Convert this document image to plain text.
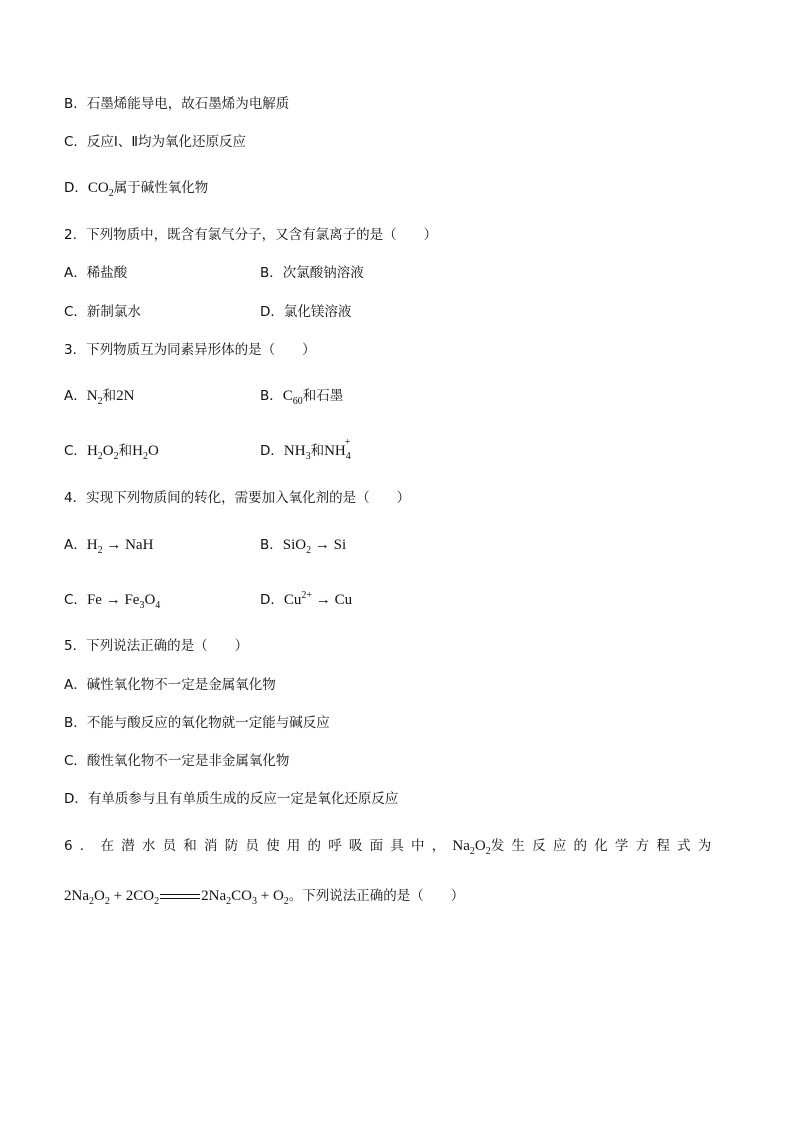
B．石墨烯能导电，故石墨烯为电解质
C．反应Ⅰ、Ⅱ均为氧化还原反应
D．$CO_2$属于碱性氧化物
2．下列物质中，既含有氯气分子，又含有氯离子的是（　　）
A．稀盐酸	B．次氯酸钠溶液
C．新制氯水	D．氯化镁溶液
3．下列物质互为同素异形体的是（　　）
A．$N_2$和2N	B．$C_{60}$和石墨
C．$H_2O_2$和$H_2O$	D．$NH_3$和$NH_4^+$
4．实现下列物质间的转化，需要加入氧化剂的是（　　）
A．$H_2$ → NaH	B．SiO$_2$ → Si
C．$Fe \to Fe_3O_4$	D．$Cu^{2+} \to Cu$
5．下列说法正确的是（　　）
A．碱性氧化物不一定是金属氧化物
B．不能与酸反应的氧化物就一定能与碱反应
C．酸性氧化物不一定是非金属氧化物
D．有单质参与且有单质生成的反应一定是氧化还原反应
6．在潜水员和消防员使用的呼吸面具中，$Na_2O_2$发生反应的化学方程式为
$2Na_2O_2 + 2CO_2$	$2Na_2CO_3 + O_2$。下列说法正确的是（　　）
